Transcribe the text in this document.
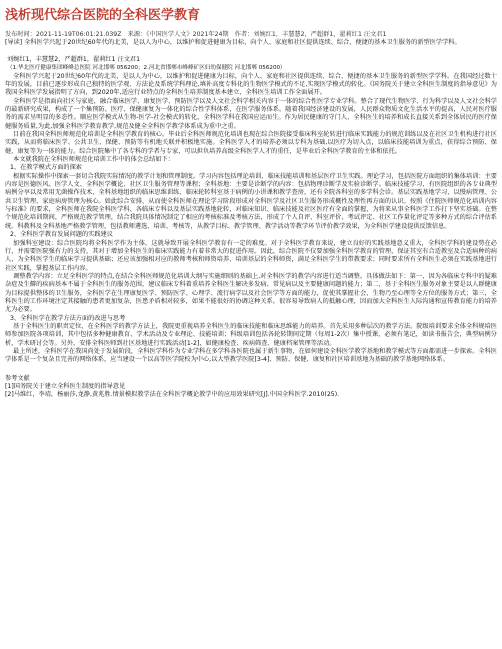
浅析现代综合医院的全科医学教育
发布时间：2021-11-19T06:01:21.039Z　来源：《中国医学人文》2021年24期　作者：刘婉红1，丰慧慧2，严超群1，翟莉红1 汪文君1
[导读] 全科医学兴起于20世纪60年代的北美，是以人为中心，以维护和促进健康为目标，向个人、家庭和社区提供连续、综合、便捷的基本卫生服务的新型医学学科。
刘婉红1，丰慧慧2，严超群1，翟莉红1 汪文君1
（1.华北医疗健康集团峰峰总医院 河北邯郸 056200；2.河北省邯郸市峰峰矿区妇幼保健院 河北邯郸 056200）

全科医学兴起于20世纪60年代的北美，是以人为中心，以维护和促进健康为目标，向个人、家庭和社区提供连续、综合、便捷的基本卫生服务的新型医学学科。在我国经过数十年的发展，目前已逐步形成自己独特的医学观、方法论及系统学科理论,填补高度专科化的生物医学模式的不足,实现医学模式的转化。《国务院关于建立全科医生制度的指导意见》为我国全科医学发展指明了方向，到2020年,适应行业特点的全科医生培养制度基本建立，全科医生培训工作全面展开。

全科医学是指面向社区与家庭，融合临床医学、康复医学、预防医学以及人文社会科学相关内容于一体的综合性医学专业学科。整合了现代生物医学、行为科学以及人文社会科学的最新研究成果，构成了一个集预防、医疗、保健康复为一体化的综合性学科体系，在医学服务体系。随着我国经济建设的发展，人民群众物质文化生活水平的提高，人民对医疗服务的需求呈明显的多态性。顺应医学模式从生物-医学-社会模式的转化，全科医学科在我国应运而生。作为居民健康的守门人，全科医生的培养和成长直接关系到全体居民的医疗保健服务质量,为此,加强全科医学教育教学,规范及健全全科医学教学体系成为重中之重。

目前在我国全科医师规范化培训是全科医学教育的核心。毕业后全科医师规范化培训也现在综合医院接受临床科室轮转进行临床实践能力的规范训练以及在社区卫生机构进行社区实践，从而将临床医学、公共卫生、保健、预防等有机地关联并积极地实施。全科医学人才的培养必须以专科为基础,以医疗为切入点，以临床技能培训为重点，获得综合预防、保健、康复等为一体的能力。综合医院集中了各专科的学者与专家，可以担负培养高级全科医学人才的重任，是毕业后全科医学教育的主体和依托。

本文就我院在全科医师规范化培训工作中的体会总结如下：

1、在教学模式方面的探索

根据实际操作中探索一套切合我院实际情况的教学计划和管理制度。学习内容包括理论培训、临床技能培训和基层医疗卫生实践。理论学习，包括医院方面组织的集体培训：主要内容是医德医风、医学人文、全科医学概论、社区卫生服务管理等课程；全科基地：主要是诊断学的内容：包括物理诊断学及实验诊断学。临床技能学习，有医院组织的各专业典型病例分享以及常用无菌操作技术，全科基地组织的临床思维训练、临床轮转科室基于病例的小讲课和教学查房，还有全院各科室的多学科会诊。基层实践基地学习，以慢病管理、公共卫生管理、家庭病房管理为核心。如此综合安排，从而使全科医师在理论学习阶段形成对全科医学及社区卫生服务形成概性及理性再方面的认识。按照《住院医师规范化培训内容与标准》的要求，全科医师在我院全科医学科、各临床专科以及基层实践基地轮转，对临床知识、临床技能及社区医疗有全面的掌握，为将来从事全科医学工作打下坚实基础。在整个规范化培训期间，严格规范教学管理，结合我院具体情况制定了相应的考核标准及考核方法，形成了个人自评、科室评价、考试评定、社区工作量化评定等多种方式的综合评估系统。科教科及全科基地严格教学管理，包括教师遴选、培训、考核等，从教学目标、教学管理、教学活动等教学环节评价教学效果，为全科医学建设提供反馈信息。

2、全科医学教育发展问题的实践建议

加强科室建设：综合医院均将全科医学作为主体，这就导致开展全科医学教育有一定的难度。对于全科医学教育来说，建立良好的实践基地意义重大，全科医学科的建设势在必行，并需要医院强有力的支持，其对于增加全科医生的临床实践能力有着非常大的促进作用。因此，综合医院不仅要加强全科医学教育的管理，保证其室有合适教室及合适病种的病人，为全科医学生的临床学习提供基础；还应该加强相对应的教师考核和师资培养，培训基层的全科师资，满足全科医学生的带教要求；同时要求所有全科医生必须在实践基地进行社区实践，掌握基层工作内容。

调整教学内容：立足全科医学的特点,在结合全科医师规范化培训大纲与实施细则的基础上,对全科医学的教学内容进行适当调整。具体做法如下：第一，因为各临床专科中的疑难杂症及生僻的疾病基本不属于全科医生的服务范围，建议临床专科着重培养全科医生解决多发病、常见病以及主要健康问题的能力；第二，基于全科医生服务对象主要是以人群健康为目标提供整体的卫生服务，全科医学在生理康复医学、预防医学、心理学、流行病学以及社会医学等方面的能力，促使其掌握社会、生物乃至心理等全方位的服务方式；第三，全科医生的工作环境注定其接触的患者更加复杂，医患矛盾相对较多，如果不能很好的协调这种关系，很容易导致病人的抵触心理，因而加大全科医生人际沟通和宣传教育能力的培养尤为必要。

3、全科医学在教学方法方面的改进与思考

基于全科医生的职责定位，在全科医学的教学方法上，我院更重视培养全科医生的临床技能和临床思维能力的培养。首先采用多种层次的教学方法。院级培训要求全体全科规培医师参加医院各项培训，其中包括多种健康教育、学术活动及专业理论、技能培训；科级培训包括各轮转期间定期（每周1-2次）集中授课，必须有笔记，如读书报告会，典型病例分析，学术研讨会等。另外，安排全科医师到社区基地进行实践活动[1-2]，如健康检查、疾病筛查、健康档案管理等活动。

最上所述，全科医学在我国尚处于发展阶段，全科医学科作为专业学科在多学科各医院也属于新生事物，在如何建设全科医学教学基地和教学模式等方面都需进一步探索。全科医学体系是一个复杂且完善的网络体系，应当建设一个以高等医学院校为中心,以大型教学医院[3-4]、预防、保健、康复和社区培训基地为基础的教学基地网络体系。

参考文献

[1]国务院关于建立全科医生制度的指导意见

[2]马维红，李靖，杨丽莎,龙静,黄兆胜.情景模拟教学法在全科医学概论教学中的应用效果研究[J].中国全科医学.2010(25).
